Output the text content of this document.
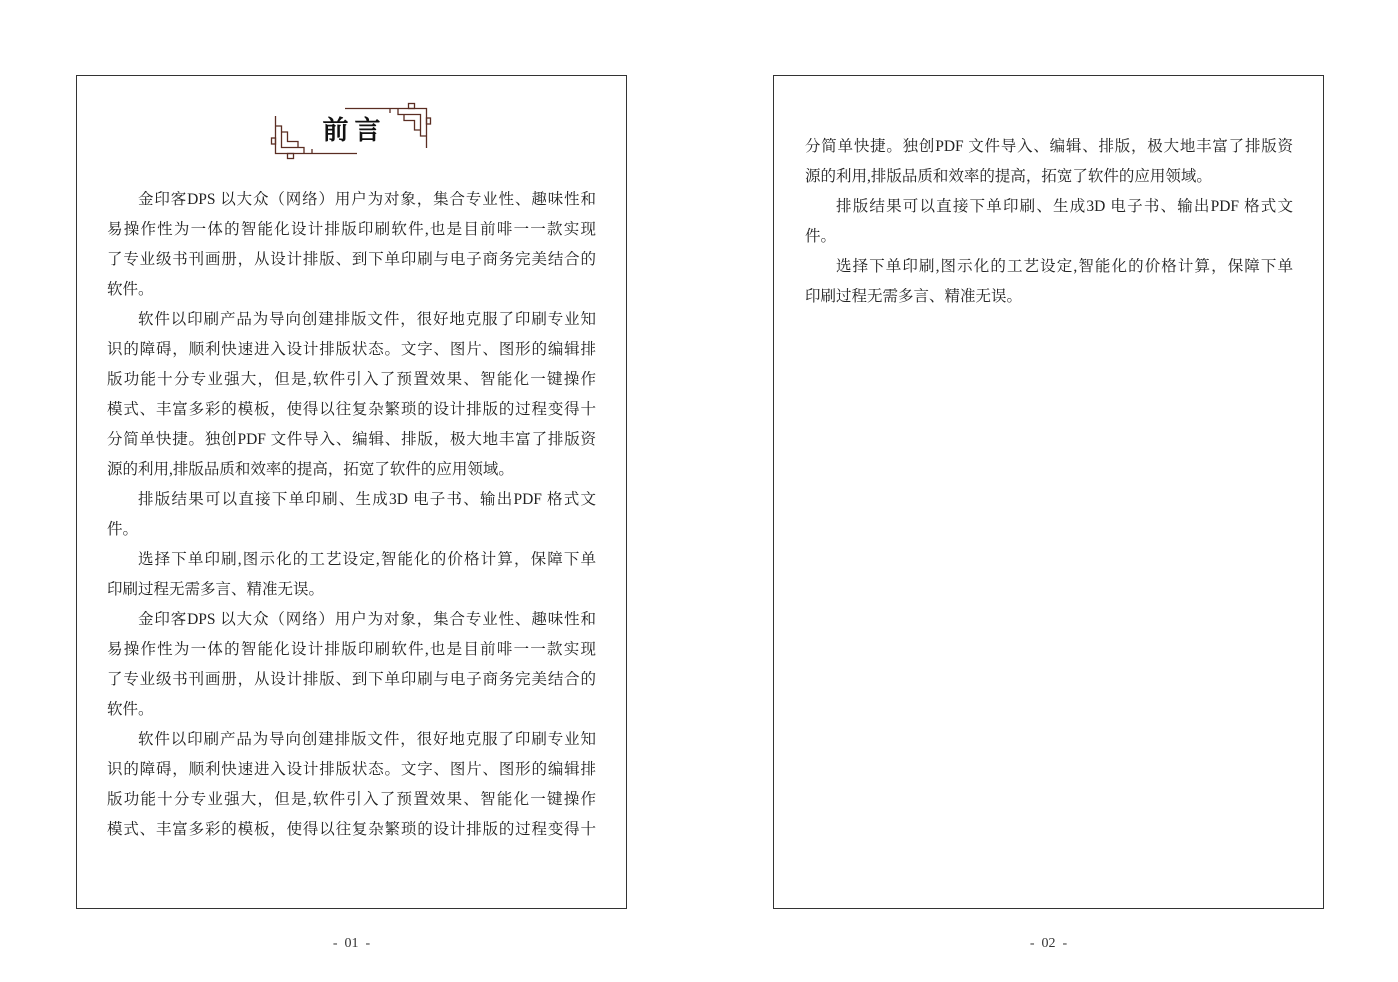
前言
金印客DPS 以大众（网络）用户为对象，集合专业性、趣味性和
易操作性为一体的智能化设计排版印刷软件,也是目前啡一一款实现
了专业级书刊画册，从设计排版、到下单印刷与电子商务完美结合的
软件。
软件以印刷产品为导向创建排版文件，很好地克服了印刷专业知
识的障碍，顺利快速进入设计排版状态。文字、图片、图形的编辑排
版功能十分专业强大，但是,软件引入了预置效果、智能化一键操作
模式、丰富多彩的模板，使得以往复杂繁琐的设计排版的过程变得十
分简单快捷。独创PDF 文件导入、编辑、排版，极大地丰富了排版资
源的利用,排版品质和效率的提高，拓宽了软件的应用领域。
排版结果可以直接下单印刷、生成3D 电子书、输出PDF 格式文
件。
选择下单印刷,图示化的工艺设定,智能化的价格计算，保障下单
印刷过程无需多言、精准无误。
金印客DPS 以大众（网络）用户为对象，集合专业性、趣味性和
易操作性为一体的智能化设计排版印刷软件,也是目前啡一一款实现
了专业级书刊画册，从设计排版、到下单印刷与电子商务完美结合的
软件。
软件以印刷产品为导向创建排版文件，很好地克服了印刷专业知
识的障碍，顺利快速进入设计排版状态。文字、图片、图形的编辑排
版功能十分专业强大，但是,软件引入了预置效果、智能化一键操作
模式、丰富多彩的模板，使得以往复杂繁琐的设计排版的过程变得十
分简单快捷。独创PDF 文件导入、编辑、排版，极大地丰富了排版资
源的利用,排版品质和效率的提高，拓宽了软件的应用领域。
排版结果可以直接下单印刷、生成3D 电子书、输出PDF 格式文
件。
选择下单印刷,图示化的工艺设定,智能化的价格计算，保障下单
印刷过程无需多言、精准无误。
-  01  -	-  02  -
